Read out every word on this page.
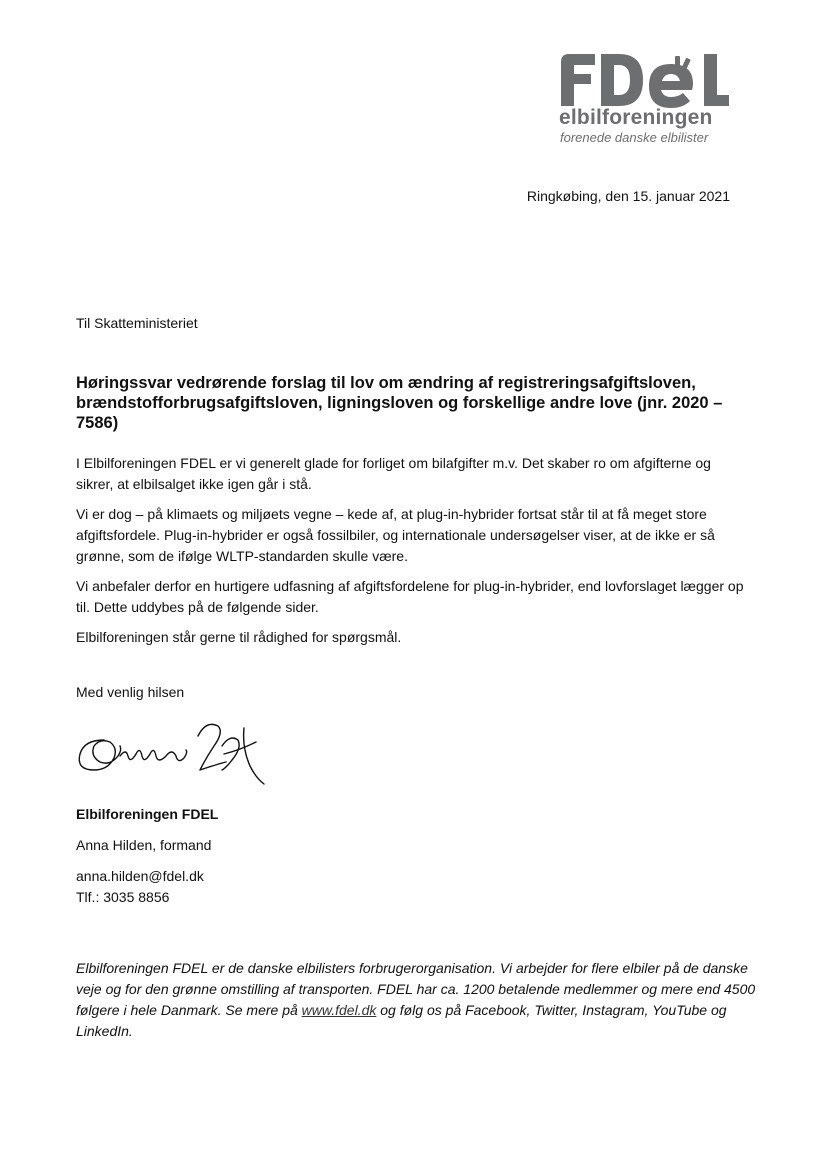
elbilforeningen
forenede danske elbilister
Ringkøbing, den 15. januar 2021
Til Skatteministeriet
Høringssvar vedrørende forslag til lov om ændring af registreringsafgiftsloven, brændstofforbrugsafgiftsloven, ligningsloven og forskellige andre love (jnr. 2020 – 7586)

I Elbilforeningen FDEL er vi generelt glade for forliget om bilafgifter m.v. Det skaber ro om afgifterne og sikrer, at elbilsalget ikke igen går i stå.

Vi er dog – på klimaets og miljøets vegne – kede af, at plug-in-hybrider fortsat står til at få meget store afgiftsfordele. Plug-in-hybrider er også fossilbiler, og internationale undersøgelser viser, at de ikke er så grønne, som de ifølge WLTP-standarden skulle være.

Vi anbefaler derfor en hurtigere udfasning af afgiftsfordelene for plug-in-hybrider, end lovforslaget lægger op til. Dette uddybes på de følgende sider.

Elbilforeningen står gerne til rådighed for spørgsmål.

Med venlig hilsen
Elbilforeningen FDEL
Anna Hilden, formand
anna.hilden@fdel.dk
Tlf.: 3035 8856

Elbilforeningen FDEL er de danske elbilisters forbrugerorganisation. Vi arbejder for flere elbiler på de danske veje og for den grønne omstilling af transporten. FDEL har ca. 1200 betalende medlemmer og mere end 4500 følgere i hele Danmark. Se mere på www.fdel.dk og følg os på Facebook, Twitter, Instagram, YouTube og LinkedIn.
